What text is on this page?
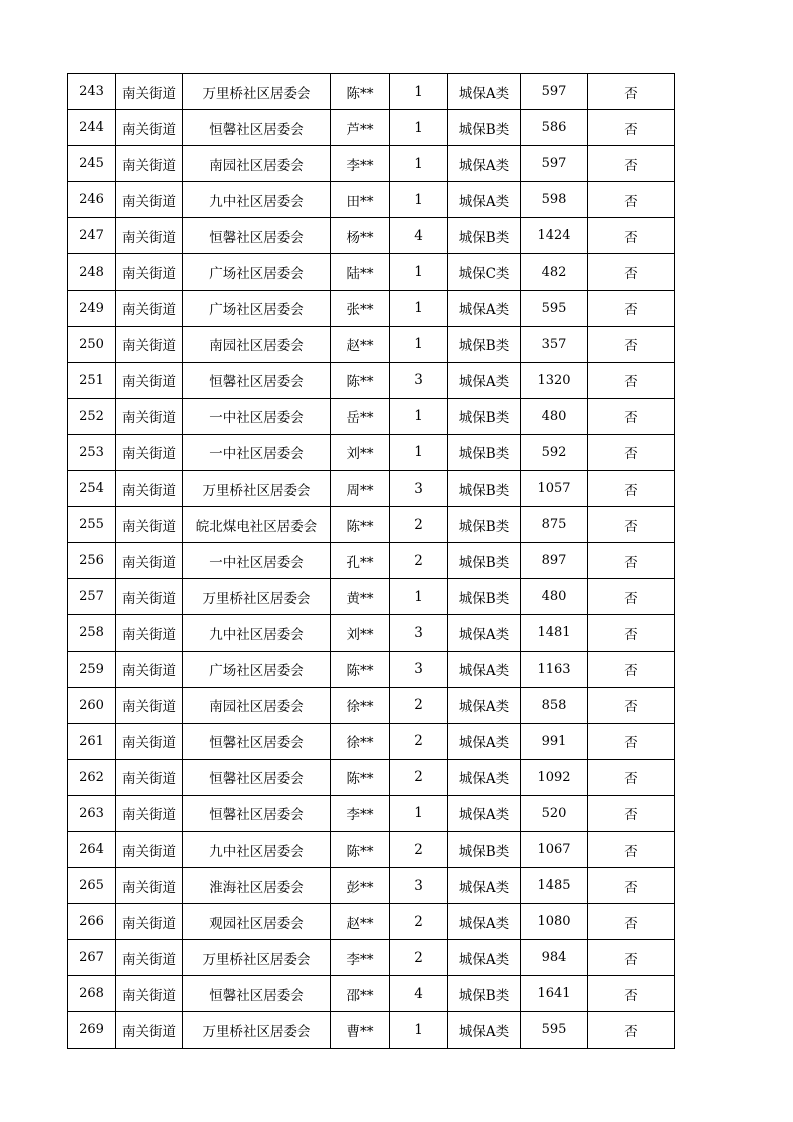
243	南关街道	万里桥社区居委会	陈**	1	城保A类	597	否
244	南关街道	恒馨社区居委会	芦**	1	城保B类	586	否
245	南关街道	南园社区居委会	李**	1	城保A类	597	否
246	南关街道	九中社区居委会	田**	1	城保A类	598	否
247	南关街道	恒馨社区居委会	杨**	4	城保B类	1424	否
248	南关街道	广场社区居委会	陆**	1	城保C类	482	否
249	南关街道	广场社区居委会	张**	1	城保A类	595	否
250	南关街道	南园社区居委会	赵**	1	城保B类	357	否
251	南关街道	恒馨社区居委会	陈**	3	城保A类	1320	否
252	南关街道	一中社区居委会	岳**	1	城保B类	480	否
253	南关街道	一中社区居委会	刘**	1	城保B类	592	否
254	南关街道	万里桥社区居委会	周**	3	城保B类	1057	否
255	南关街道	皖北煤电社区居委会	陈**	2	城保B类	875	否
256	南关街道	一中社区居委会	孔**	2	城保B类	897	否
257	南关街道	万里桥社区居委会	黄**	1	城保B类	480	否
258	南关街道	九中社区居委会	刘**	3	城保A类	1481	否
259	南关街道	广场社区居委会	陈**	3	城保A类	1163	否
260	南关街道	南园社区居委会	徐**	2	城保A类	858	否
261	南关街道	恒馨社区居委会	徐**	2	城保A类	991	否
262	南关街道	恒馨社区居委会	陈**	2	城保A类	1092	否
263	南关街道	恒馨社区居委会	李**	1	城保A类	520	否
264	南关街道	九中社区居委会	陈**	2	城保B类	1067	否
265	南关街道	淮海社区居委会	彭**	3	城保A类	1485	否
266	南关街道	观园社区居委会	赵**	2	城保A类	1080	否
267	南关街道	万里桥社区居委会	李**	2	城保A类	984	否
268	南关街道	恒馨社区居委会	邵**	4	城保B类	1641	否
269	南关街道	万里桥社区居委会	曹**	1	城保A类	595	否
